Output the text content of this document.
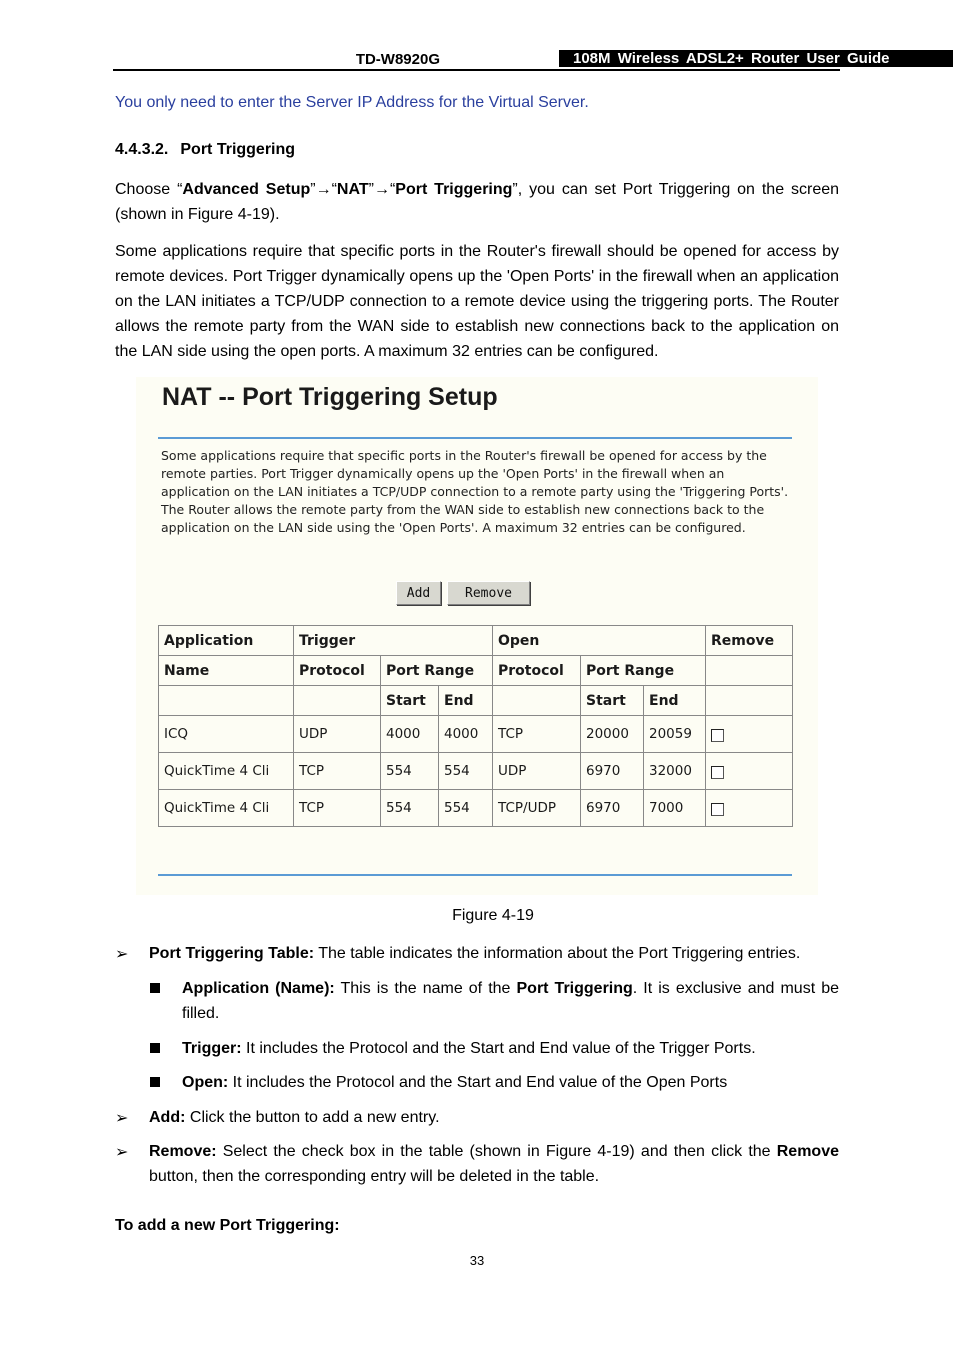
TD-W8920G	108M Wireless ADSL2+ Router User Guide
You only need to enter the Server IP Address for the Virtual Server.
4.4.3.2. Port Triggering
Choose “Advanced Setup”→“NAT”→“Port Triggering”, you can set Port Triggering on the screen (shown in Figure 4-19).
Some applications require that specific ports in the Router's firewall should be opened for access by remote devices. Port Trigger dynamically opens up the 'Open Ports' in the firewall when an application on the LAN initiates a TCP/UDP connection to a remote device using the triggering ports. The Router allows the remote party from the WAN side to establish new connections back to the application on the LAN side using the open ports. A maximum 32 entries can be configured.
NAT -- Port Triggering Setup
Some applications require that specific ports in the Router's firewall be opened for access by the remote parties. Port Trigger dynamically opens up the 'Open Ports' in the firewall when an application on the LAN initiates a TCP/UDP connection to a remote party using the 'Triggering Ports'. The Router allows the remote party from the WAN side to establish new connections back to the application on the LAN side using the 'Open Ports'. A maximum 32 entries can be configured.
Add	Remove
Application	Trigger			Open			Remove
Name	Protocol	Port Range		Protocol	Port Range		
		Start	End		Start	End	
ICQ	UDP	4000	4000	TCP	20000	20059	
QuickTime 4 Cli	TCP	554	554	UDP	6970	32000	
QuickTime 4 Cli	TCP	554	554	TCP/UDP	6970	7000	
Figure 4-19
➢ Port Triggering Table: The table indicates the information about the Port Triggering entries.
Application (Name): This is the name of the Port Triggering. It is exclusive and must be filled.
Trigger: It includes the Protocol and the Start and End value of the Trigger Ports.
Open: It includes the Protocol and the Start and End value of the Open Ports
➢ Add: Click the button to add a new entry.
➢ Remove: Select the check box in the table (shown in Figure 4-19) and then click the Remove button, then the corresponding entry will be deleted in the table.
To add a new Port Triggering:
33
